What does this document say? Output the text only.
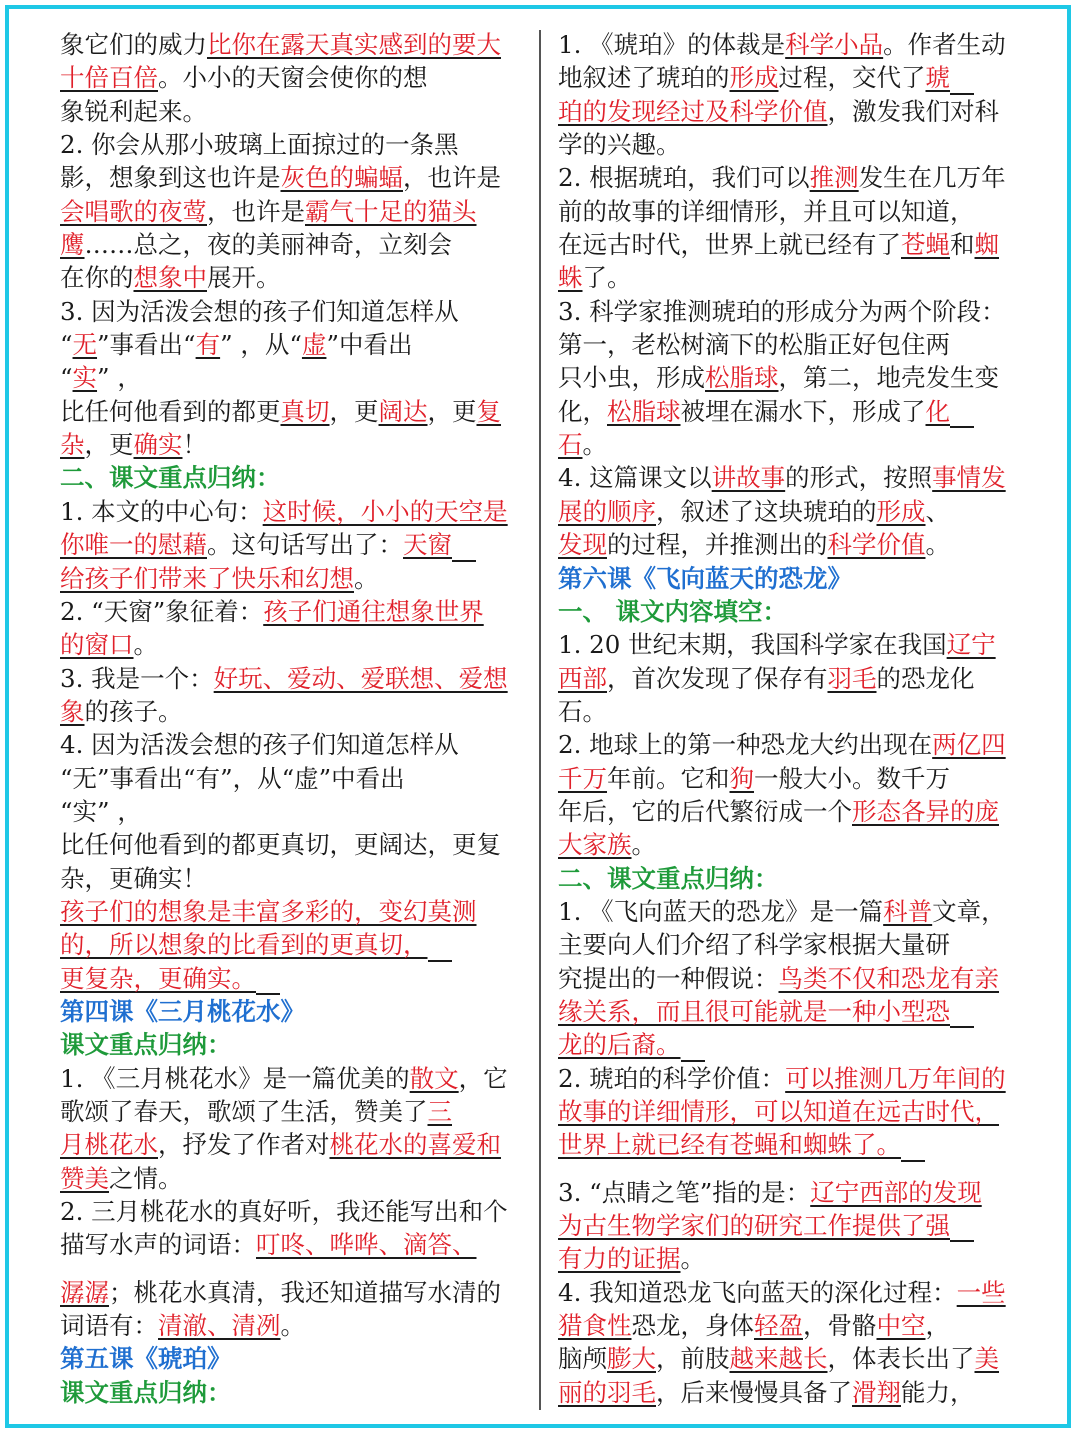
象它们的威力比你在露天真实感到的要大
十倍百倍。小小的天窗会使你的想
象锐利起来。
2. 你会从那小玻璃上面掠过的一条黑
影，想象到这也许是灰色的蝙蝠，也许是
会唱歌的夜莺，也许是霸气十足的猫头
鹰……总之，夜的美丽神奇，立刻会
在你的想象中展开。
3. 因为活泼会想的孩子们知道怎样从
“无”事看出“有” ，从“虚”中看出
“实” ，
比任何他看到的都更真切，更阔达，更复
杂，更确实！
二、课文重点归纳：
1. 本文的中心句：这时候，小小的天空是
你唯一的慰藉。这句话写出了：天窗
给孩子们带来了快乐和幻想。
2. “天窗”象征着：孩子们通往想象世界
的窗口。
3. 我是一个：好玩、爱动、爱联想、爱想
象的孩子。
4. 因为活泼会想的孩子们知道怎样从
“无”事看出“有”，从“虚”中看出
“实” ，
比任何他看到的都更真切，更阔达，更复
杂，更确实！
孩子们的想象是丰富多彩的，变幻莫测
的，所以想象的比看到的更真切，
更复杂，更确实。
第四课《三月桃花水》
课文重点归纳：
1. 《三月桃花水》是一篇优美的散文，它
歌颂了春天，歌颂了生活，赞美了三
月桃花水，抒发了作者对桃花水的喜爱和
赞美之情。
2. 三月桃花水的真好听，我还能写出和个
描写水声的词语：叮咚、哗哗、滴答、
潺潺；桃花水真清，我还知道描写水清的
词语有：清澈、清冽。
第五课《琥珀》
课文重点归纳：
1. 《琥珀》的体裁是科学小品。作者生动
地叙述了琥珀的形成过程，交代了琥
珀的发现经过及科学价值，激发我们对科
学的兴趣。
2. 根据琥珀，我们可以推测发生在几万年
前的故事的详细情形，并且可以知道，
在远古时代，世界上就已经有了苍蝇和蜘
蛛了。
3. 科学家推测琥珀的形成分为两个阶段：
第一，老松树滴下的松脂正好包住两
只小虫，形成松脂球，第二，地壳发生变
化，松脂球被埋在漏水下，形成了化
石。
4. 这篇课文以讲故事的形式，按照事情发
展的顺序，叙述了这块琥珀的形成、
发现的过程，并推测出的科学价值。
第六课《飞向蓝天的恐龙》
一、 课文内容填空：
1. 20 世纪末期，我国科学家在我国辽宁
西部，首次发现了保存有羽毛的恐龙化
石。
2. 地球上的第一种恐龙大约出现在两亿四
千万年前。它和狗一般大小。数千万
年后，它的后代繁衍成一个形态各异的庞
大家族。
二、课文重点归纳：
1. 《飞向蓝天的恐龙》是一篇科普文章，
主要向人们介绍了科学家根据大量研
究提出的一种假说：鸟类不仅和恐龙有亲
缘关系，而且很可能就是一种小型恐
龙的后裔。
2. 琥珀的科学价值：可以推测几万年间的
故事的详细情形，可以知道在远古时代，
世界上就已经有苍蝇和蜘蛛了。
3. “点睛之笔”指的是：辽宁西部的发现
为古生物学家们的研究工作提供了强
有力的证据。
4. 我知道恐龙飞向蓝天的深化过程：一些
猎食性恐龙，身体轻盈，骨骼中空，
脑颅膨大，前肢越来越长，体表长出了美
丽的羽毛，后来慢慢具备了滑翔能力，
